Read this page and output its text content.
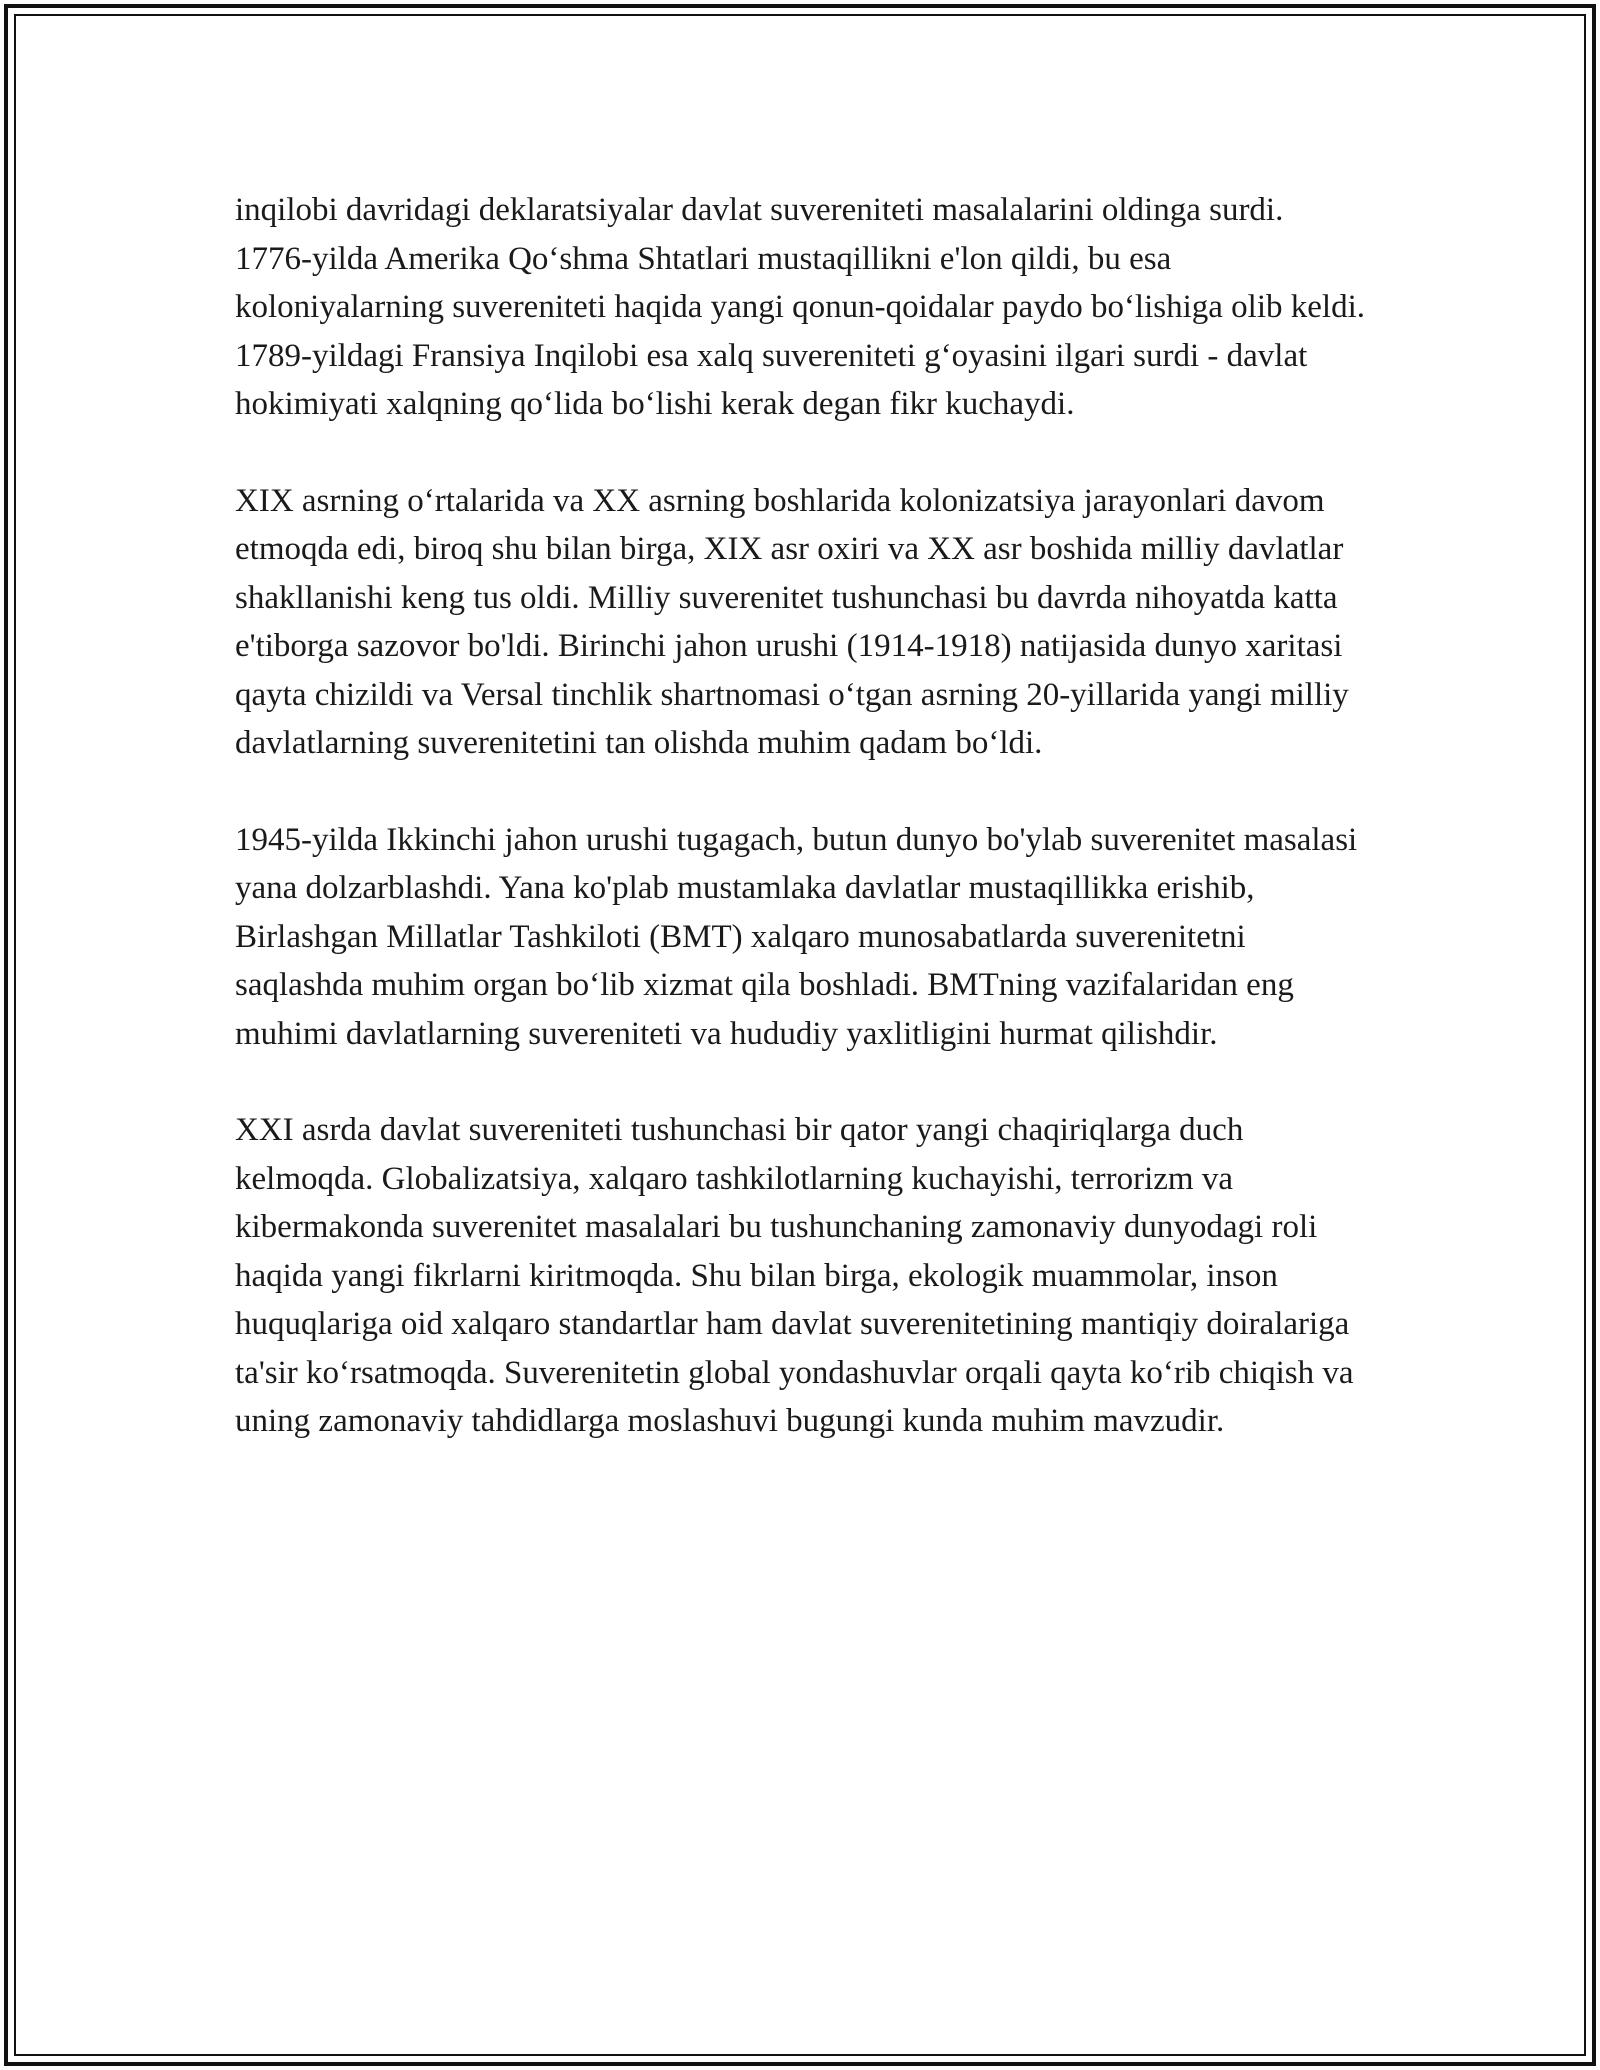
inqilobi davridagi deklaratsiyalar davlat suvereniteti masalalarini oldinga surdi. 1776-yilda Amerika Qo‘shma Shtatlari mustaqillikni e'lon qildi, bu esa koloniyalarning suvereniteti haqida yangi qonun-qoidalar paydo bo‘lishiga olib keldi. 1789-yildagi Fransiya Inqilobi esa xalq suvereniteti g‘oyasini ilgari surdi - davlat hokimiyati xalqning qo‘lida bo‘lishi kerak degan fikr kuchaydi.

XIX asrning o‘rtalarida va XX asrning boshlarida kolonizatsiya jarayonlari davom etmoqda edi, biroq shu bilan birga, XIX asr oxiri va XX asr boshida milliy davlatlar shakllanishi keng tus oldi. Milliy suverenitet tushunchasi bu davrda nihoyatda katta e'tiborga sazovor bo'ldi. Birinchi jahon urushi (1914-1918) natijasida dunyo xaritasi qayta chizildi va Versal tinchlik shartnomasi o‘tgan asrning 20-yillarida yangi milliy davlatlarning suverenitetini tan olishda muhim qadam bo‘ldi.

1945-yilda Ikkinchi jahon urushi tugagach, butun dunyo bo'ylab suverenitet masalasi yana dolzarblashdi. Yana ko'plab mustamlaka davlatlar mustaqillikka erishib, Birlashgan Millatlar Tashkiloti (BMT) xalqaro munosabatlarda suverenitetni saqlashda muhim organ bo‘lib xizmat qila boshladi. BMTning vazifalaridan eng muhimi davlatlarning suvereniteti va hududiy yaxlitligini hurmat qilishdir.

XXI asrda davlat suvereniteti tushunchasi bir qator yangi chaqiriqlarga duch kelmoqda. Globalizatsiya, xalqaro tashkilotlarning kuchayishi, terrorizm va kibermakonda suverenitet masalalari bu tushunchaning zamonaviy dunyodagi roli haqida yangi fikrlarni kiritmoqda. Shu bilan birga, ekologik muammolar, inson huquqlariga oid xalqaro standartlar ham davlat suverenitetining mantiqiy doiralariga ta'sir ko‘rsatmoqda. Suverenitetin global yondashuvlar orqali qayta ko‘rib chiqish va uning zamonaviy tahdidlarga moslashuvi bugungi kunda muhim mavzudir.
